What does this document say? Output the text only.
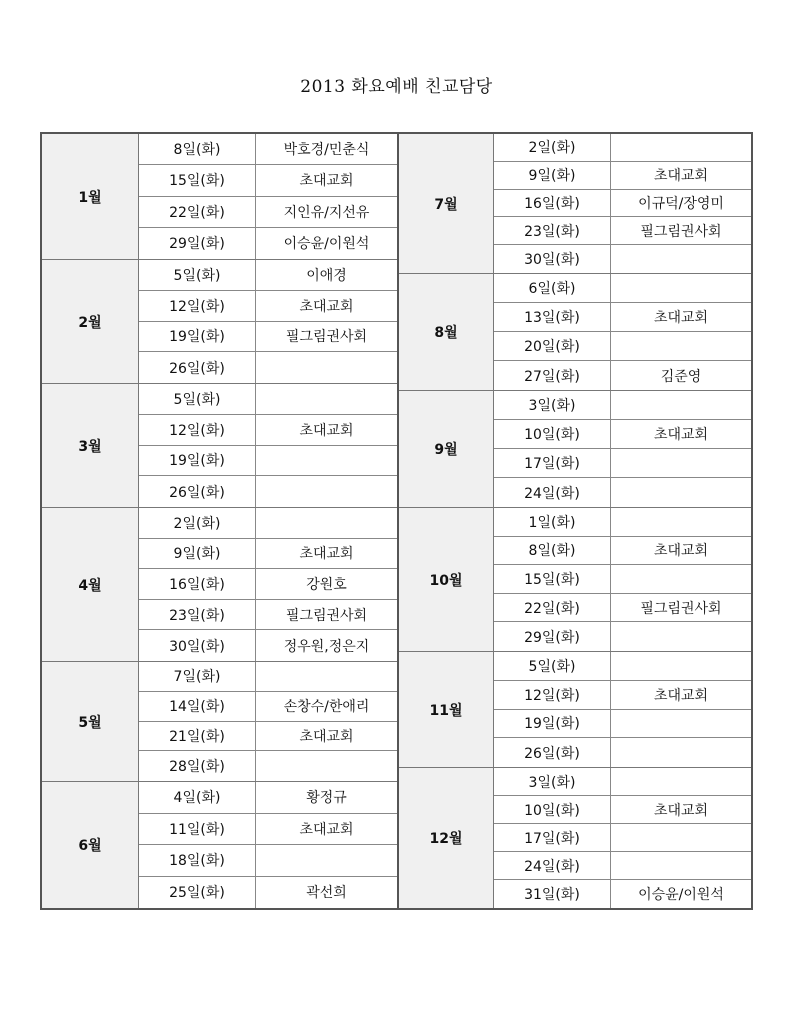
2013 화요예배 친교담당
1월
8일(화)	박호경/민춘식
15일(화)	초대교회
22일(화)	지인유/지선유
29일(화)	이승윤/이원석
2월
5일(화)	이애경
12일(화)	초대교회
19일(화)	필그림권사회
26일(화)
3월
5일(화)
12일(화)	초대교회
19일(화)
26일(화)
4월
2일(화)
9일(화)	초대교회
16일(화)	강원호
23일(화)	필그림권사회
30일(화)	정우원,정은지
5월
7일(화)
14일(화)	손창수/한애리
21일(화)	초대교회
28일(화)
6월
4일(화)	황정규
11일(화)	초대교회
18일(화)
25일(화)	곽선희
7월
2일(화)
9일(화)	초대교회
16일(화)	이규덕/장영미
23일(화)	필그림권사회
30일(화)
8월
6일(화)
13일(화)	초대교회
20일(화)
27일(화)	김준영
9월
3일(화)
10일(화)	초대교회
17일(화)
24일(화)
10월
1일(화)
8일(화)	초대교회
15일(화)
22일(화)	필그림권사회
29일(화)
11월
5일(화)
12일(화)	초대교회
19일(화)
26일(화)
12월
3일(화)
10일(화)	초대교회
17일(화)
24일(화)
31일(화)	이승윤/이원석
